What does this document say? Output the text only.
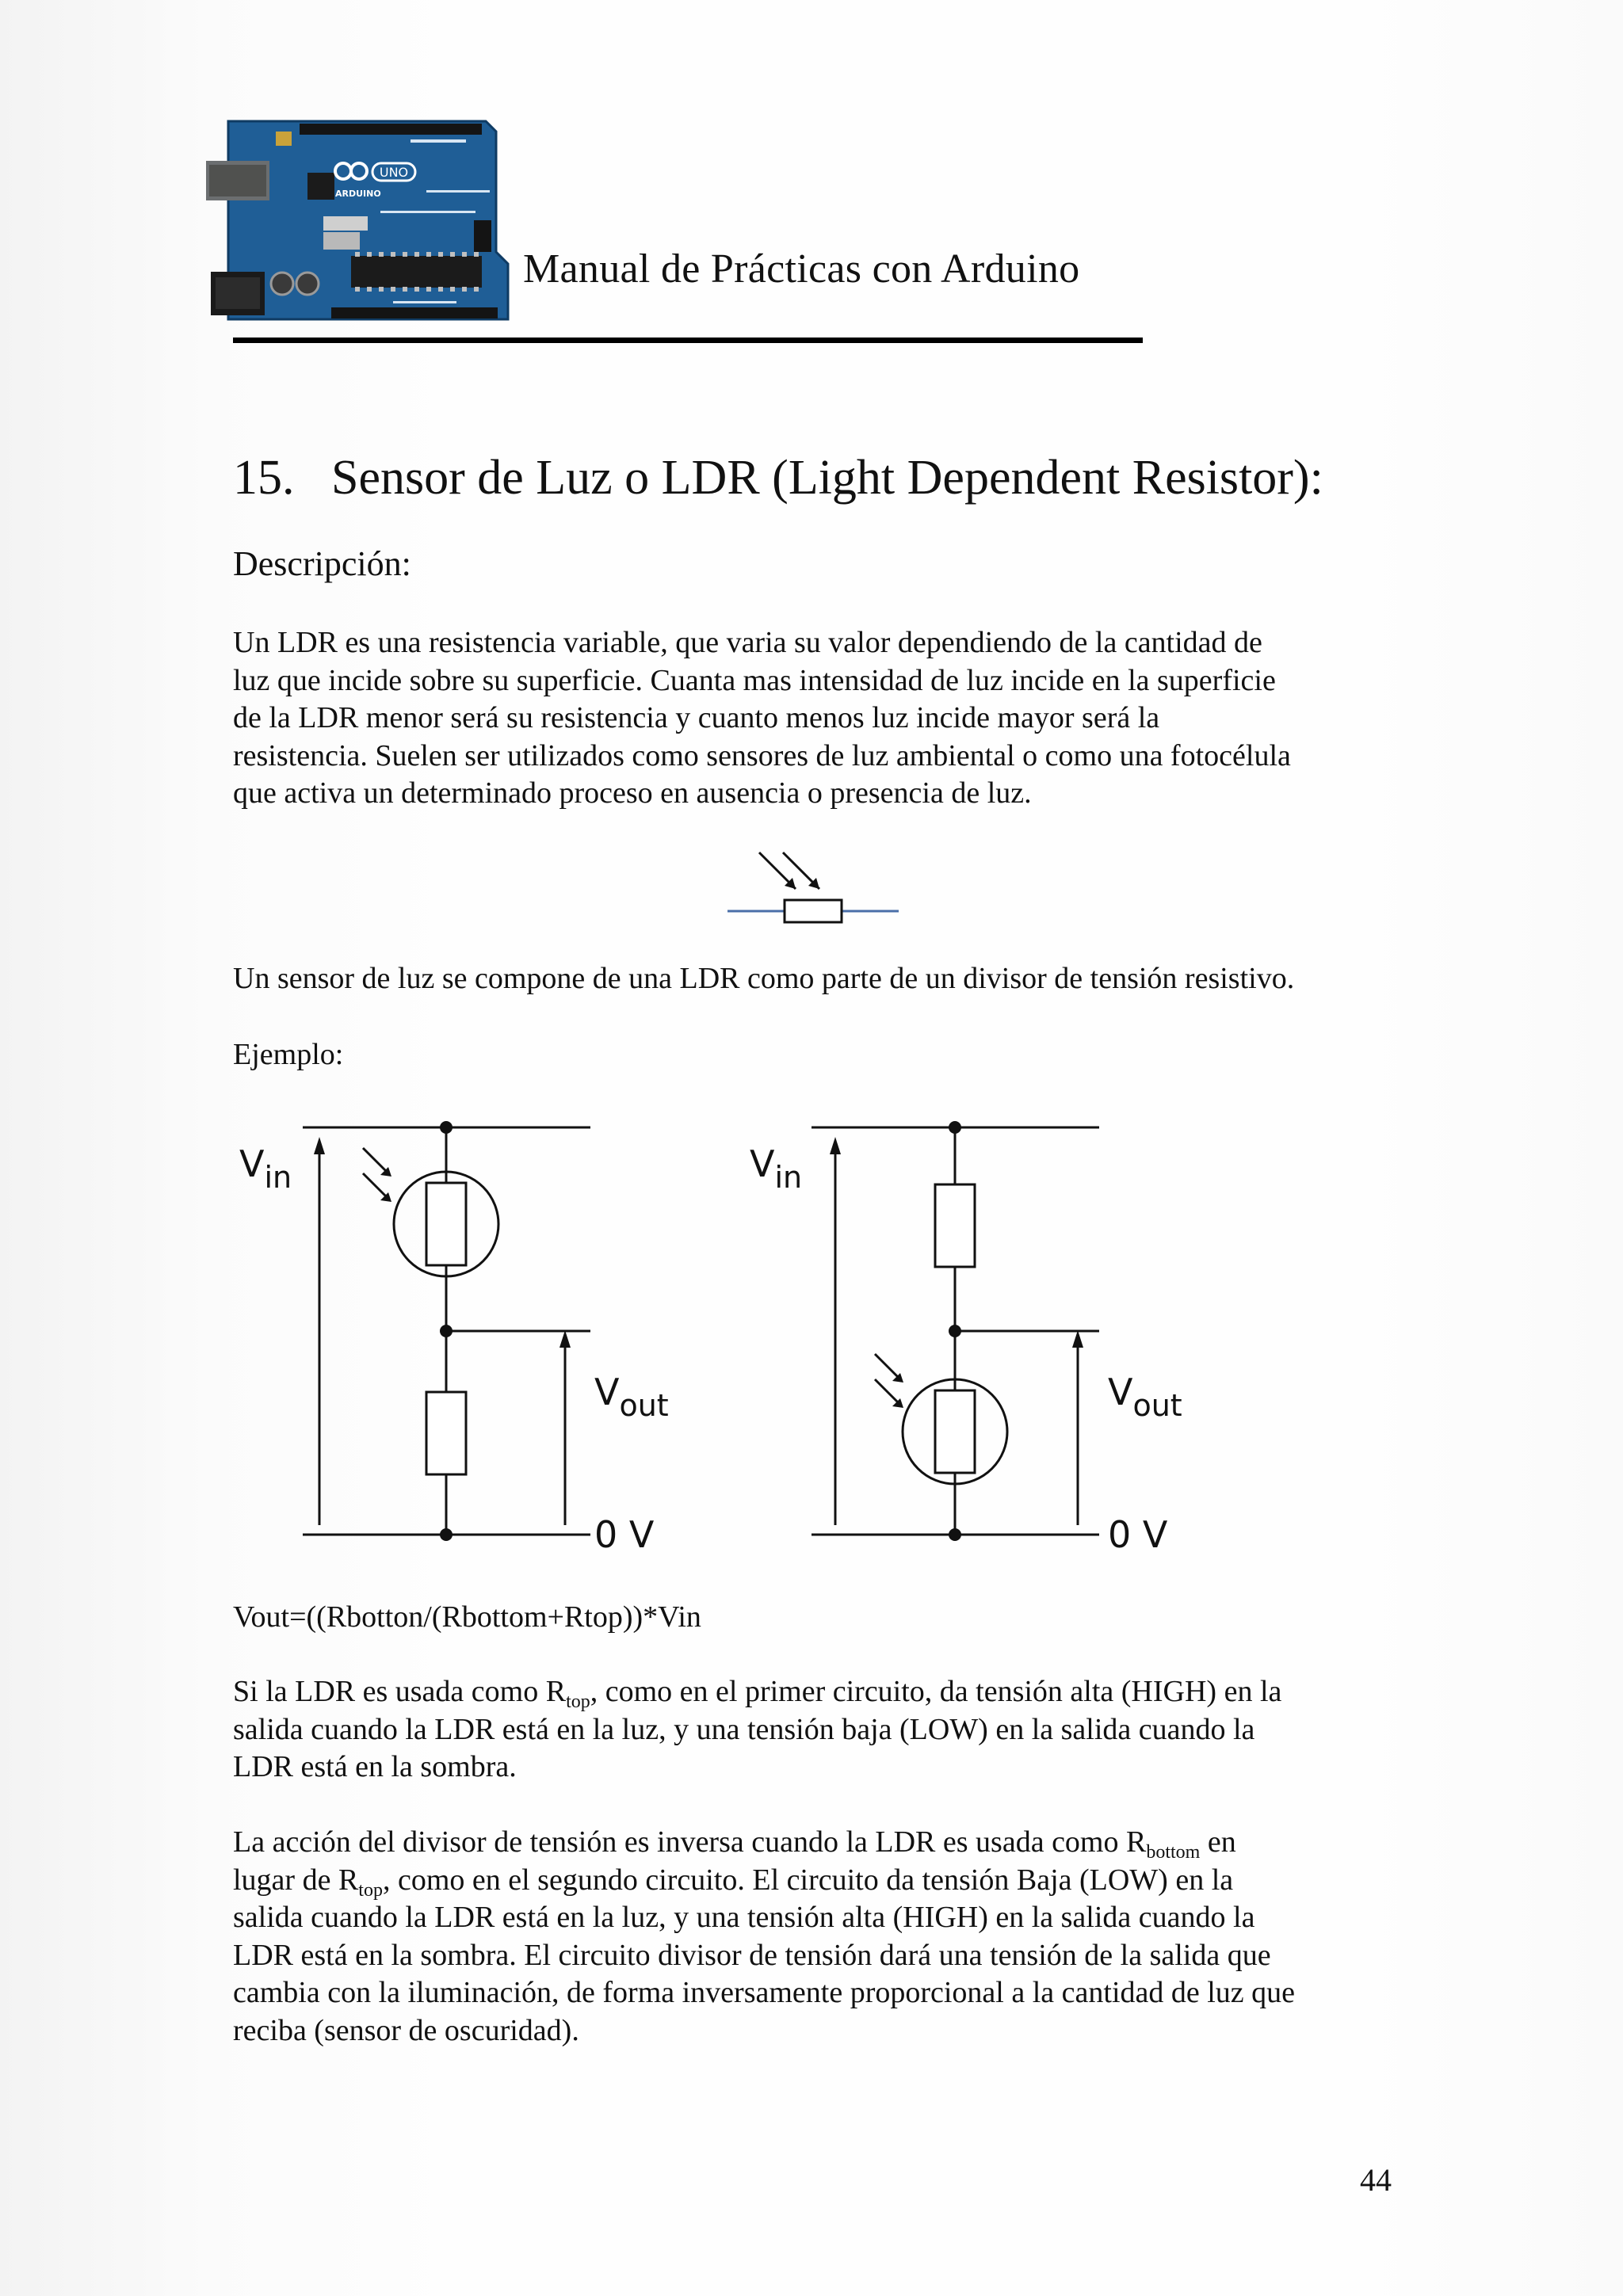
UNO
ARDUINO
Manual de Prácticas con Arduino
15. Sensor de Luz o LDR (Light Dependent Resistor):
Descripción:
Un LDR es una resistencia variable, que varia su valor dependiendo de la cantidad de
luz que incide sobre su superficie. Cuanta mas intensidad de luz incide en la superficie
de la LDR menor será su resistencia y cuanto menos luz incide mayor será la
resistencia. Suelen ser utilizados como sensores de luz ambiental o como una fotocélula
que activa un determinado proceso en ausencia o presencia de luz.
Un sensor de luz se compone de una LDR como parte de un divisor de tensión resistivo.
Ejemplo:
$V_{in}$
$V_{out}$
0 V
$V_{in}$
$V_{out}$
0 V
Vout=((Rbotton/(Rbottom+Rtop))*Vin
Si la LDR es usada como $R_{top}$, como en el primer circuito, da tensión alta (HIGH) en la
salida cuando la LDR está en la luz, y una tensión baja (LOW) en la salida cuando la
LDR está en la sombra.
La acción del divisor de tensión es inversa cuando la LDR es usada como $R_{bottom}$ en
lugar de $R_{top}$, como en el segundo circuito. El circuito da tensión Baja (LOW) en la
salida cuando la LDR está en la luz, y una tensión alta (HIGH) en la salida cuando la
LDR está en la sombra. El circuito divisor de tensión dará una tensión de la salida que
cambia con la iluminación, de forma inversamente proporcional a la cantidad de luz que
reciba (sensor de oscuridad).
44
